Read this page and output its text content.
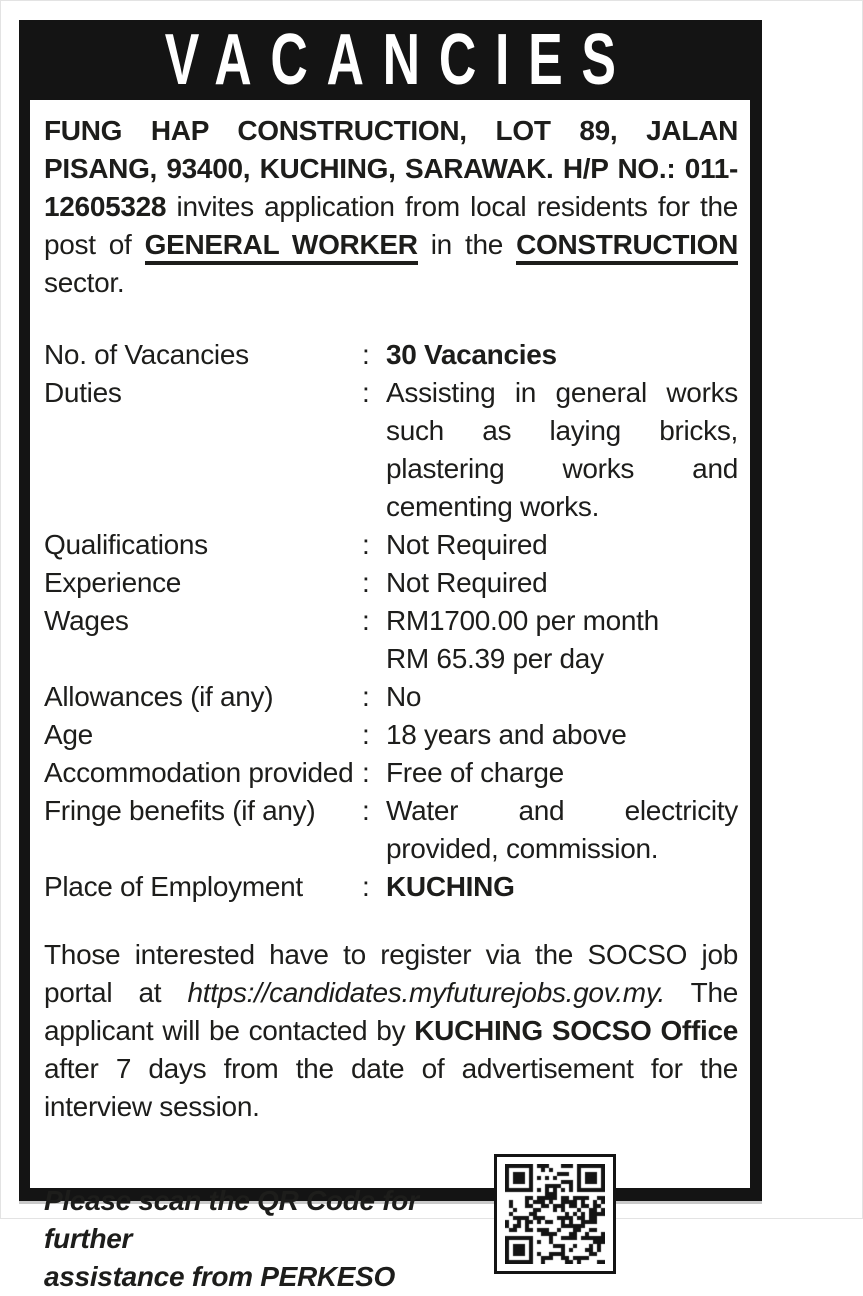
VACANCIES

FUNG HAP CONSTRUCTION, LOT 89, JALAN PISANG, 93400, KUCHING, SARAWAK. H/P NO.: 011-12605328 invites application from local residents for the post of GENERAL WORKER in the CONSTRUCTION sector.

No. of Vacancies	: 30 Vacancies
Duties	: Assisting in general works such as laying bricks, plastering works and cementing works.
Qualifications	: Not Required
Experience	: Not Required
Wages	: RM1700.00 per month
RM 65.39 per day
Allowances (if any)	: No
Age	: 18 years and above
Accommodation provided : Free of charge
Fringe benefits (if any)	: Water and electricity provided, commission.
Place of Employment	: KUCHING

Those interested have to register via the SOCSO job portal at https://candidates.myfuturejobs.gov.my. The applicant will be contacted by KUCHING SOCSO Office after 7 days from the date of advertisement for the interview session.

Please scan the QR Code for further
assistance from PERKESO
